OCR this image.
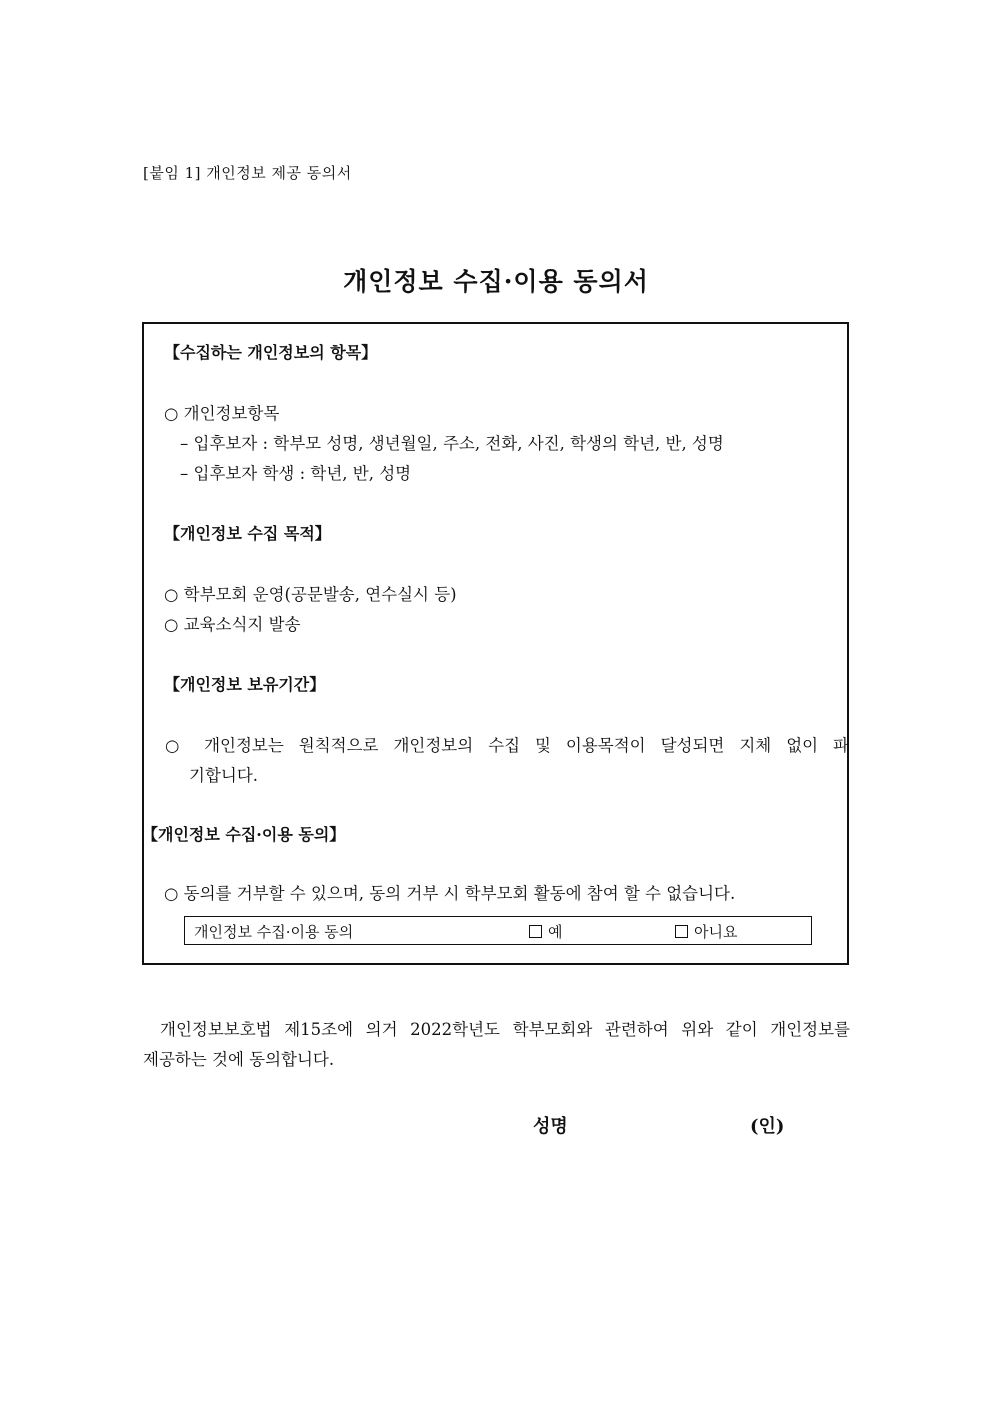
[붙임 1] 개인정보 제공 동의서
개인정보 수집·이용 동의서
【수집하는 개인정보의 항목】
○ 개인정보항목
– 입후보자 : 학부모 성명, 생년월일, 주소, 전화, 사진, 학생의 학년, 반, 성명
– 입후보자 학생 : 학년, 반, 성명
【개인정보 수집 목적】
○ 학부모회 운영(공문발송, 연수실시 등)
○ 교육소식지 발송
【개인정보 보유기간】
○ 개인정보는 원칙적으로 개인정보의 수집 및 이용목적이 달성되면 지체 없이 파
기합니다.
【개인정보 수집·이용 동의】
○ 동의를 거부할 수 있으며, 동의 거부 시 학부모회 활동에 참여 할 수 없습니다.
개인정보 수집·이용 동의	예	아니요
개인정보보호법 제15조에 의거 2022학년도 학부모회와 관련하여 위와 같이 개인정보를
제공하는 것에 동의합니다.
성명	(인)
